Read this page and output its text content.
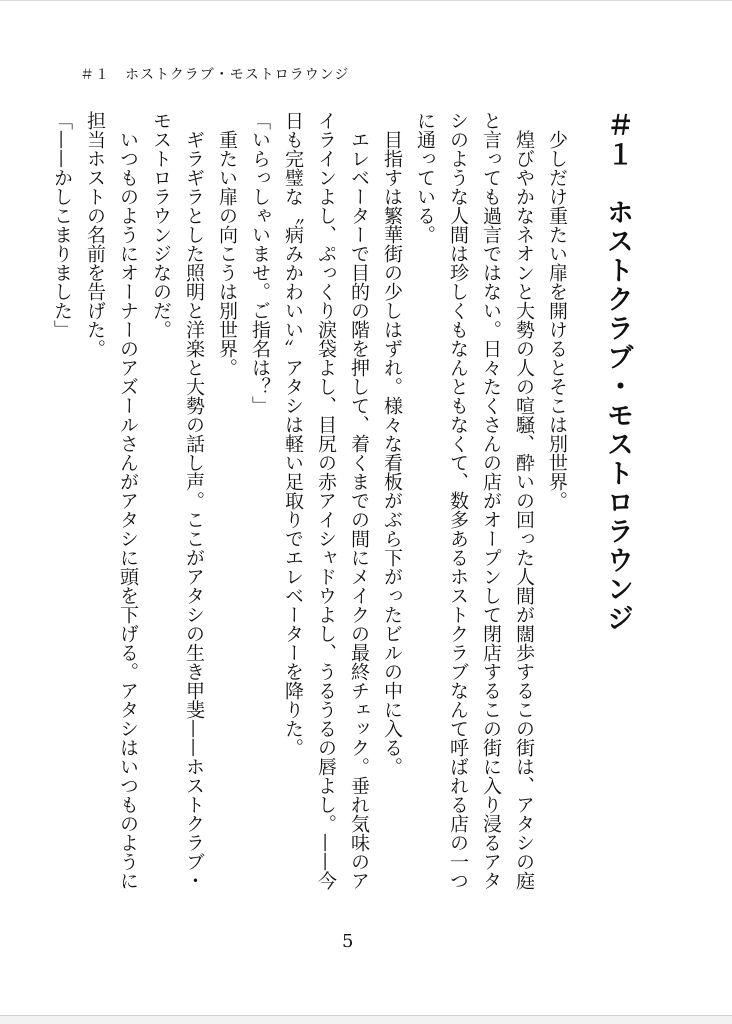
＃１　ホストクラブ・モストロラウンジ
＃１　ホストクラブ・モストロラウンジ

少しだけ重たい扉を開けるとそこは別世界。

煌びやかなネオンと大勢の人の喧騒、酔いの回った人間が闊歩するこの街は、アタシの庭と言っても過言ではない。日々たくさんの店がオープンして閉店するこの街に入り浸るアタシのような人間は珍しくもなんともなくて、数多あるホストクラブなんて呼ばれる店の一つに通っている。

目指すは繁華街の少しはずれ。様々な看板がぶら下がったビルの中に入る。

エレベーターで目的の階を押して、着くまでの間にメイクの最終チェック。垂れ気味のアイラインよし、ぷっくり涙袋よし、目尻の赤アイシャドウよし、うるうるの唇よし。——今日も完璧な〝病みかわいい〟アタシは軽い足取りでエレベーターを降りた。

「いらっしゃいませ。ご指名は？」

重たい扉の向こうは別世界。

ギラギラとした照明と洋楽と大勢の話し声。ここがアタシの生き甲斐——ホストクラブ・モストロラウンジなのだ。

いつものようにオーナーのアズールさんがアタシに頭を下げる。アタシはいつものように担当ホストの名前を告げた。

「——かしこまりました」

5
